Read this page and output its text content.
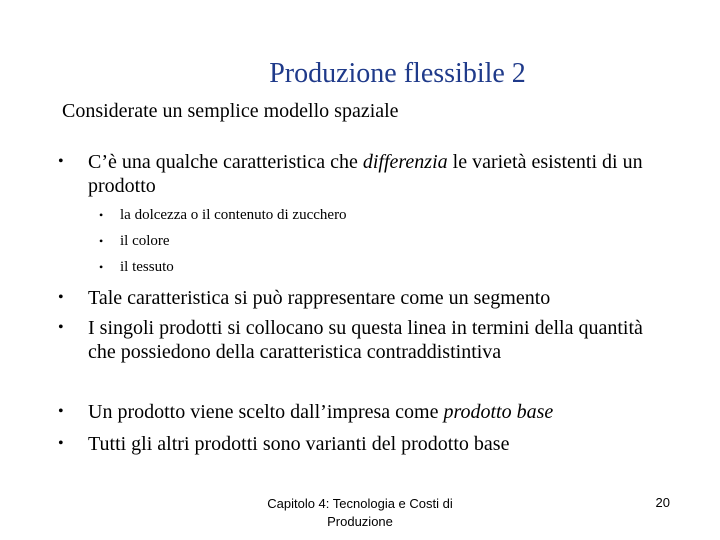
Produzione flessibile 2
Considerate un semplice modello spaziale
• C’è una qualche caratteristica che differenzia le varietà esistenti di un prodotto
• la dolcezza o il contenuto di zucchero
• il colore
• il tessuto
• Tale caratteristica si può rappresentare come un segmento
• I singoli prodotti si collocano su questa linea in termini della quantità che possiedono della caratteristica contraddistintiva
• Un prodotto viene scelto dall’impresa come prodotto base
• Tutti gli altri prodotti sono varianti del prodotto base
Capitolo 4: Tecnologia e Costi di Produzione
20
